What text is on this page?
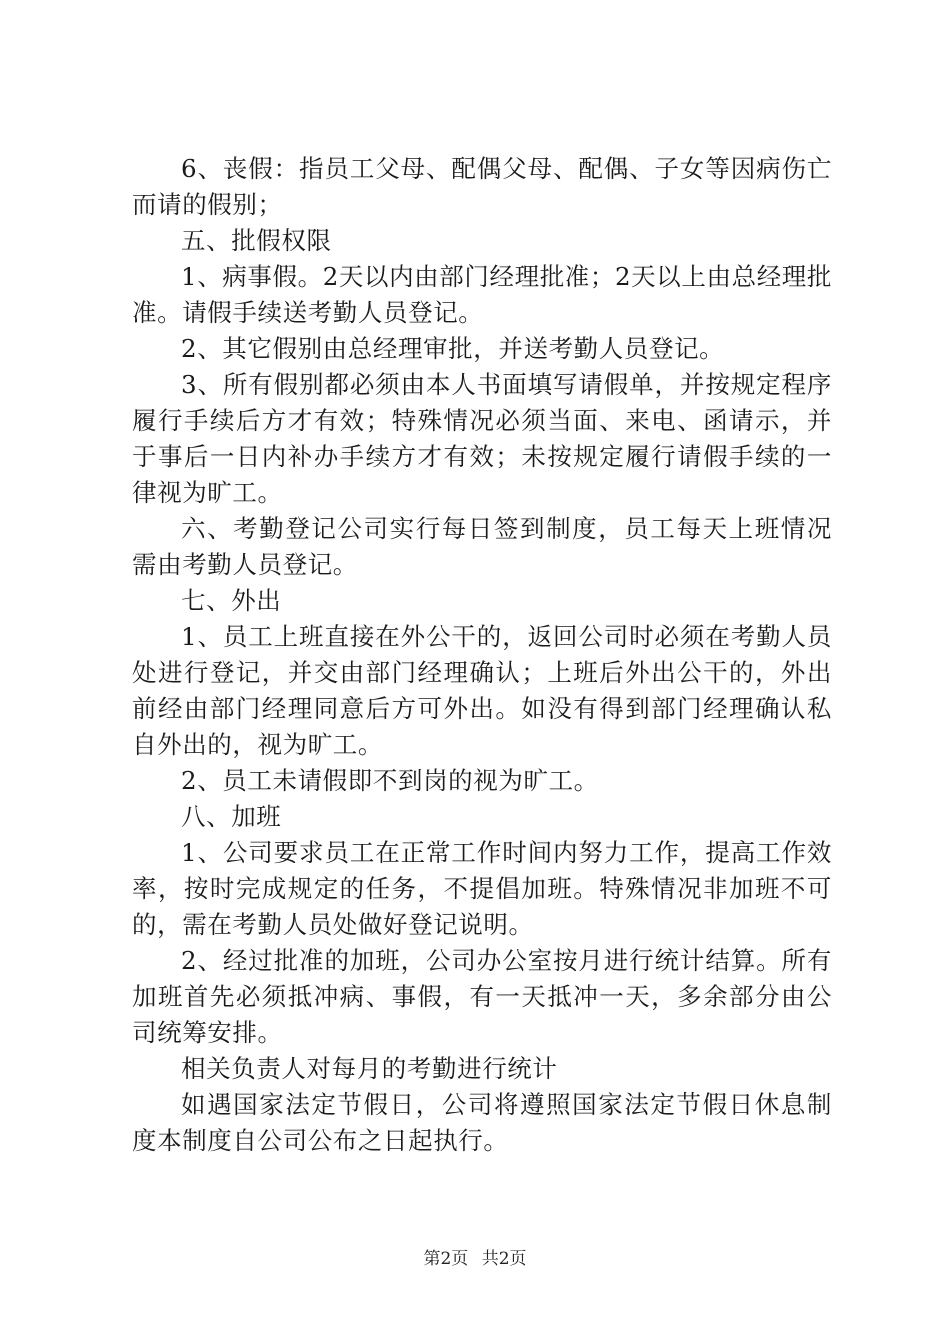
6、丧假：指员工父母、配偶父母、配偶、子女等因病伤亡而请的假别；

五、批假权限

1、病事假。2天以内由部门经理批准；2天以上由总经理批准。请假手续送考勤人员登记。

2、其它假别由总经理审批，并送考勤人员登记。

3、所有假别都必须由本人书面填写请假单，并按规定程序履行手续后方才有效；特殊情况必须当面、来电、函请示，并于事后一日内补办手续方才有效；未按规定履行请假手续的一律视为旷工。

六、考勤登记公司实行每日签到制度，员工每天上班情况需由考勤人员登记。

七、外出

1、员工上班直接在外公干的，返回公司时必须在考勤人员处进行登记，并交由部门经理确认；上班后外出公干的，外出前经由部门经理同意后方可外出。如没有得到部门经理确认私自外出的，视为旷工。

2、员工未请假即不到岗的视为旷工。

八、加班

1、公司要求员工在正常工作时间内努力工作，提高工作效率，按时完成规定的任务，不提倡加班。特殊情况非加班不可的，需在考勤人员处做好登记说明。

2、经过批准的加班，公司办公室按月进行统计结算。所有加班首先必须抵冲病、事假，有一天抵冲一天，多余部分由公司统筹安排。

相关负责人对每月的考勤进行统计

如遇国家法定节假日，公司将遵照国家法定节假日休息制度本制度自公司公布之日起执行。

第2页 共2页
